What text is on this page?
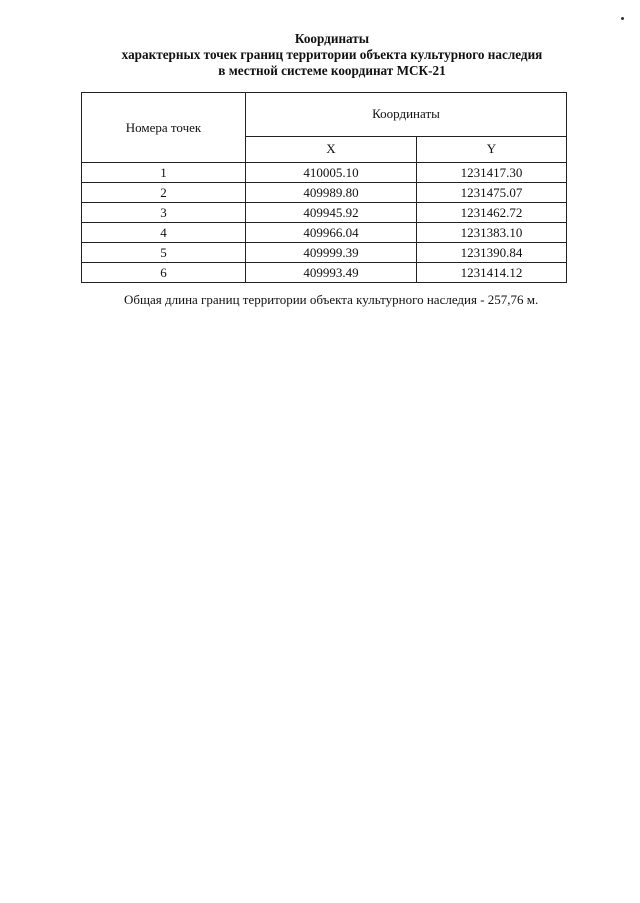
Координаты
характерных точек границ территории объекта культурного наследия
в местной системе координат МСК-21
Номера точек	Координаты	
	X	Y
1	410005.10	1231417.30
2	409989.80	1231475.07
3	409945.92	1231462.72
4	409966.04	1231383.10
5	409999.39	1231390.84
6	409993.49	1231414.12
Общая длина границ территории объекта культурного наследия - 257,76 м.
